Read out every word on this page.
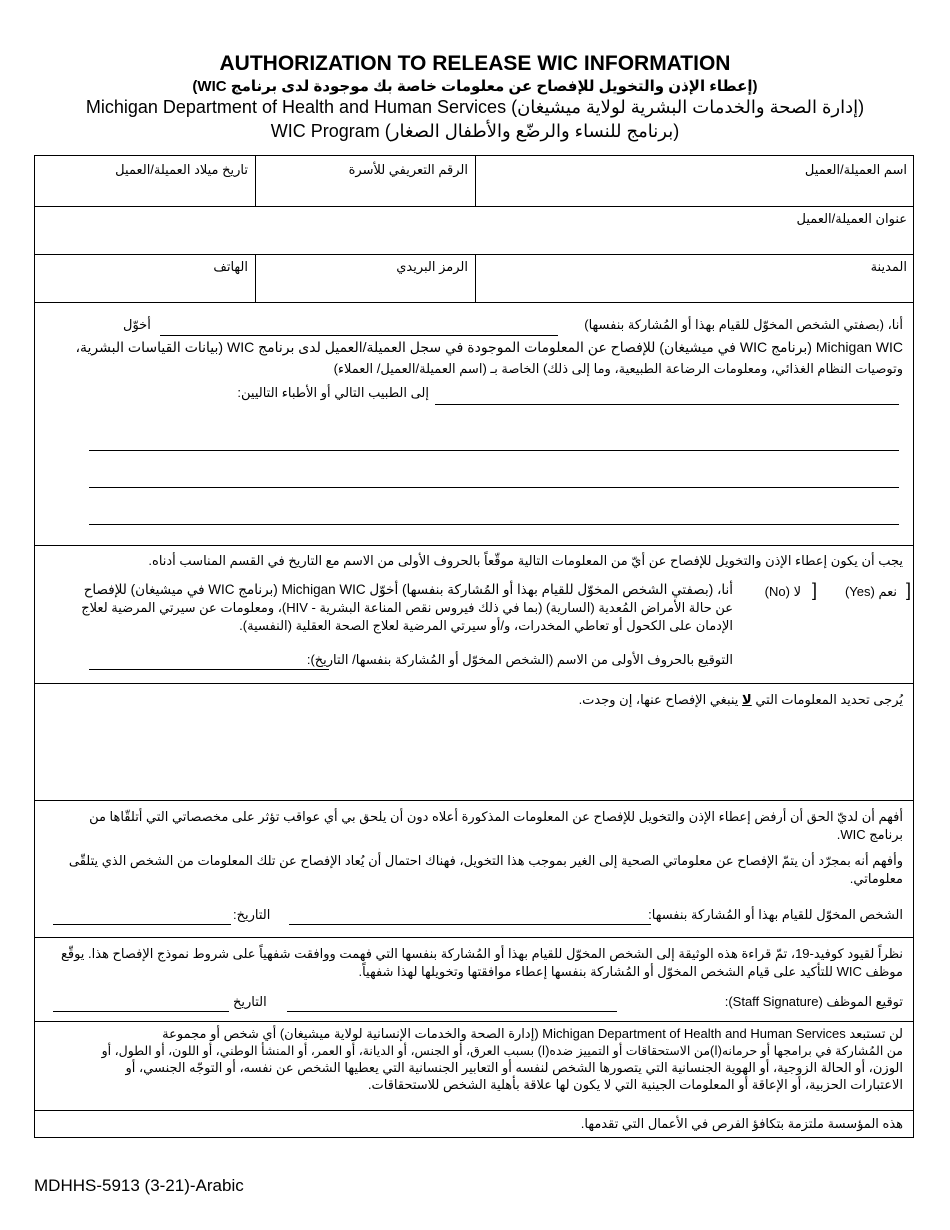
AUTHORIZATION TO RELEASE WIC INFORMATION
(إعطاء الإذن والتخويل للإفصاح عن معلومات خاصة بك موجودة لدى برنامج WIC)
Michigan Department of Health and Human Services (إدارة الصحة والخدمات البشرية لولاية ميشيغان)
WIC Program (برنامج للنساء والرضّع والأطفال الصغار)
اسم العميلة/العميل
الرقم التعريفي للأسرة
تاريخ ميلاد العميلة/العميل
عنوان العميلة/العميل
المدينة
الرمز البريدي
الهاتف
أنا، (بصفتي الشخص المخوّل للقيام بهذا أو المُشاركة بنفسها)
أخوّل
Michigan WIC (برنامج WIC في ميشيغان) للإفصاح عن المعلومات الموجودة في سجل العميلة/العميل لدى برنامج WIC (بيانات القياسات البشرية،
وتوصيات النظام الغذائي، ومعلومات الرضاعة الطبيعية، وما إلى ذلك) الخاصة بـ (اسم العميلة/العميل/ العملاء)
إلى الطبيب التالي أو الأطباء التاليين:
يجب أن يكون إعطاء الإذن والتخويل للإفصاح عن أيّ من المعلومات التالية موقّعاً بالحروف الأولى من الاسم مع التاريخ في القسم المناسب أدناه.
]
نعم (Yes)
]
لا (No)
أنا، (بصفتي الشخص المخوّل للقيام بهذا أو المُشاركة بنفسها) أخوّل Michigan WIC (برنامج WIC في ميشيغان) للإفصاح
عن حالة الأمراض المُعدية (السارية) (بما في ذلك فيروس نقص المناعة البشرية - HIV)، ومعلومات عن سيرتي المرضية لعلاج
الإدمان على الكحول أو تعاطي المخدرات، و/أو سيرتي المرضية لعلاج الصحة العقلية (النفسية).
التوقيع بالحروف الأولى من الاسم (الشخص المخوّل أو المُشاركة بنفسها/ التاريخ):
يُرجى تحديد المعلومات التي لا ينبغي الإفصاح عنها، إن وجدت.
أفهم أن لديّ الحق أن أرفض إعطاء الإذن والتخويل للإفصاح عن المعلومات المذكورة أعلاه دون أن يلحق بي أي عواقب تؤثر على مخصصاتي التي أتلقّاها من
برنامج WIC.
وأفهم أنه بمجرّد أن يتمّ الإفصاح عن معلوماتي الصحية إلى الغير بموجب هذا التخويل، فهناك احتمال أن يُعاد الإفصاح عن تلك المعلومات من الشخص الذي يتلقّى
معلوماتي.
الشخص المخوّل للقيام بهذا أو المُشاركة بنفسها:
التاريخ:
نظراً لقيود كوفيد-19، تمّ قراءة هذه الوثيقة إلى الشخص المخوّل للقيام بهذا أو المُشاركة بنفسها التي فهمت ووافقت شفهياً على شروط نموذج الإفصاح هذا. يوقّع
موظف WIC للتأكيد على قيام الشخص المخوّل أو المُشاركة بنفسها إعطاء موافقتها وتخويلها لهذا شفهياً.
توقيع الموظف (Staff Signature):
التاريخ
لن تستبعد Michigan Department of Health and Human Services (إدارة الصحة والخدمات الإنسانية لولاية ميشيغان) أي شخص أو مجموعة
من المُشاركة في برامجها أو حرمانه(ا)من الاستحقاقات أو التمييز ضده(ا) بسبب العرق، أو الجنس، أو الديانة، أو العمر، أو المنشأ الوطني، أو اللون، أو الطول، أو
الوزن، أو الحالة الزوجية، أو الهوية الجنسانية التي يتصورها الشخص لنفسه أو التعابير الجنسانية التي يعطيها الشخص عن نفسه، أو التوجّه الجنسي، أو
الاعتبارات الحزبية، أو الإعاقة أو المعلومات الجينية التي لا يكون لها علاقة بأهلية الشخص للاستحقاقات.
هذه المؤسسة ملتزمة بتكافؤ الفرص في الأعمال التي تقدمها.
MDHHS-5913 (3-21)-Arabic
